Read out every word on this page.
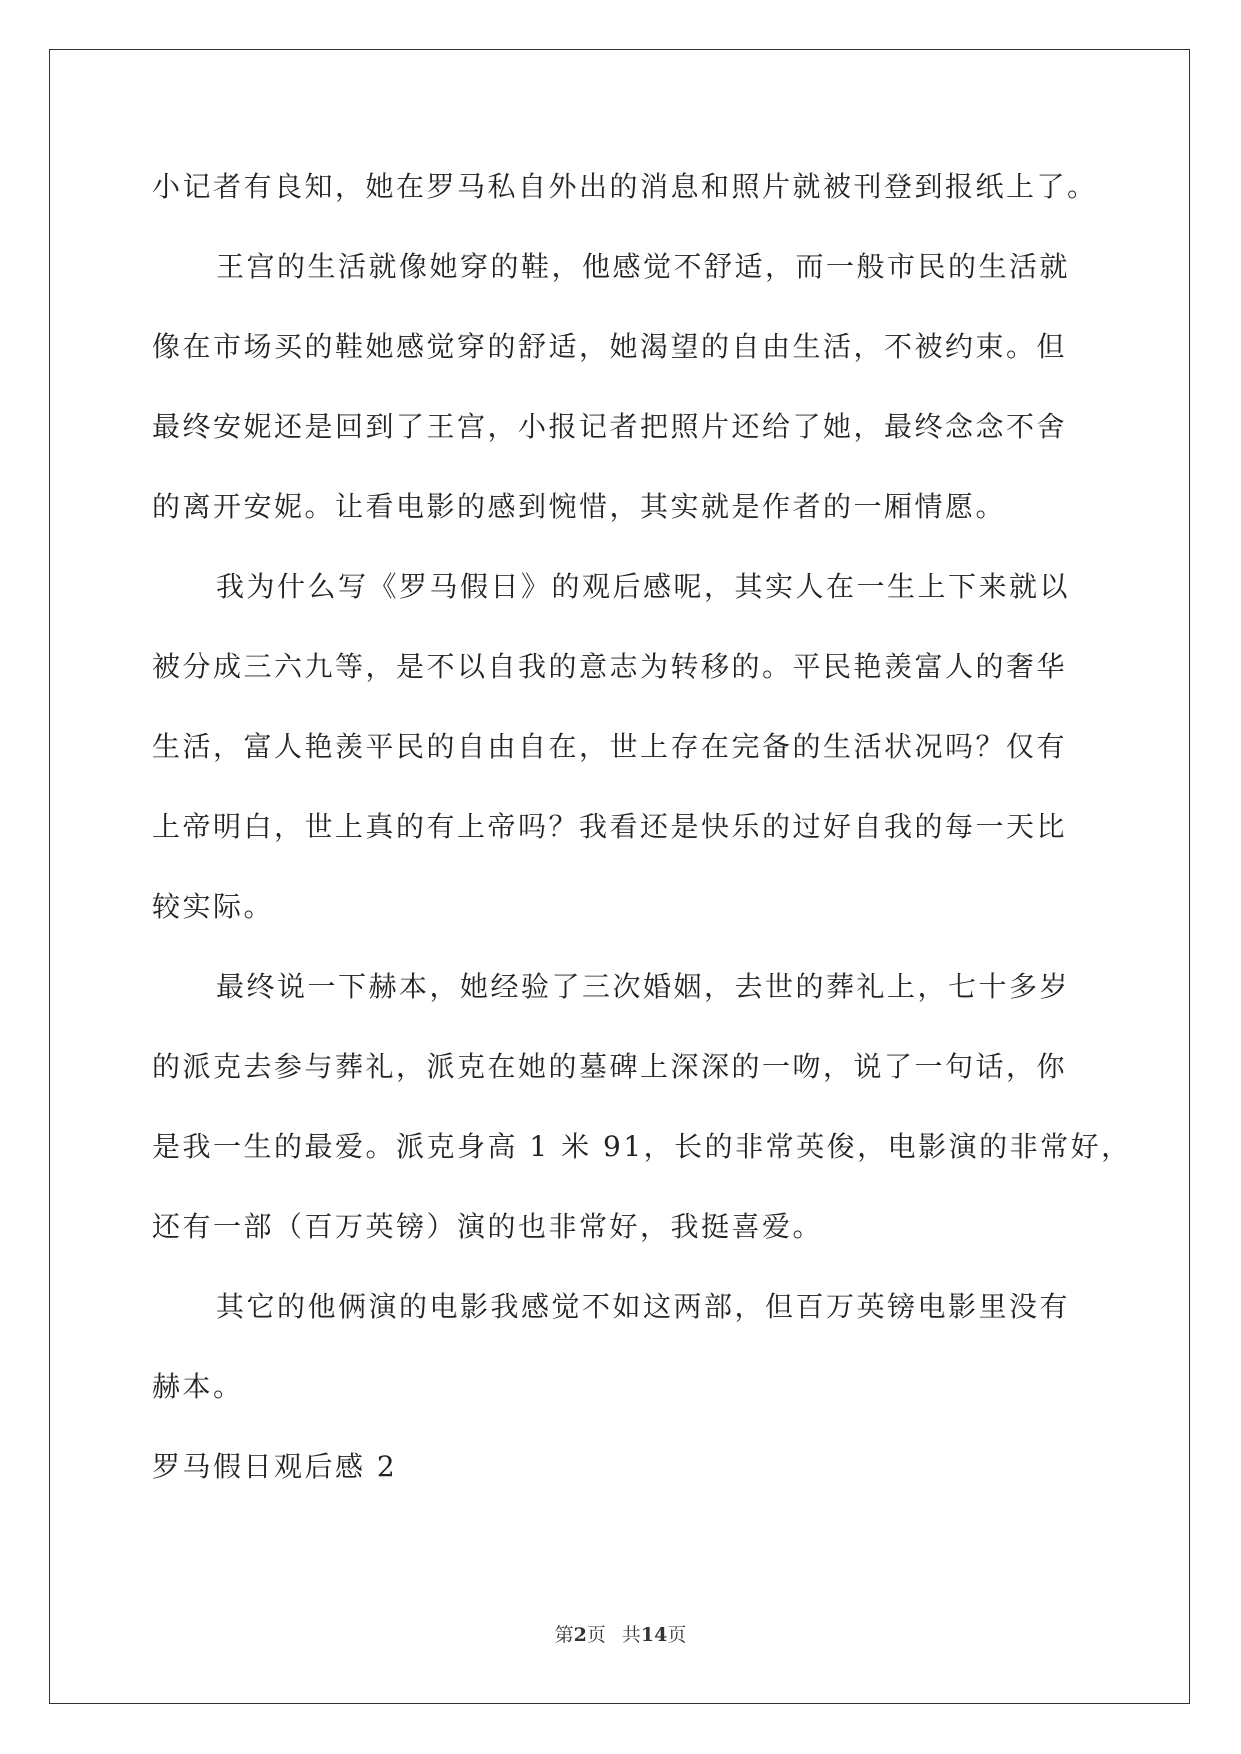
小记者有良知，她在罗马私自外出的消息和照片就被刊登到报纸上了。
王宫的生活就像她穿的鞋，他感觉不舒适，而一般市民的生活就
像在市场买的鞋她感觉穿的舒适，她渴望的自由生活，不被约束。但
最终安妮还是回到了王宫，小报记者把照片还给了她，最终念念不舍
的离开安妮。让看电影的感到惋惜，其实就是作者的一厢情愿。
我为什么写《罗马假日》的观后感呢，其实人在一生上下来就以
被分成三六九等，是不以自我的意志为转移的。平民艳羡富人的奢华
生活，富人艳羡平民的自由自在，世上存在完备的生活状况吗？仅有
上帝明白，世上真的有上帝吗？我看还是快乐的过好自我的每一天比
较实际。
最终说一下赫本，她经验了三次婚姻，去世的葬礼上，七十多岁
的派克去参与葬礼，派克在她的墓碑上深深的一吻，说了一句话，你
是我一生的最爱。派克身高 1 米 91，长的非常英俊，电影演的非常好，
还有一部（百万英镑）演的也非常好，我挺喜爱。
其它的他俩演的电影我感觉不如这两部，但百万英镑电影里没有
赫本。
罗马假日观后感 2
第2页 共14页
